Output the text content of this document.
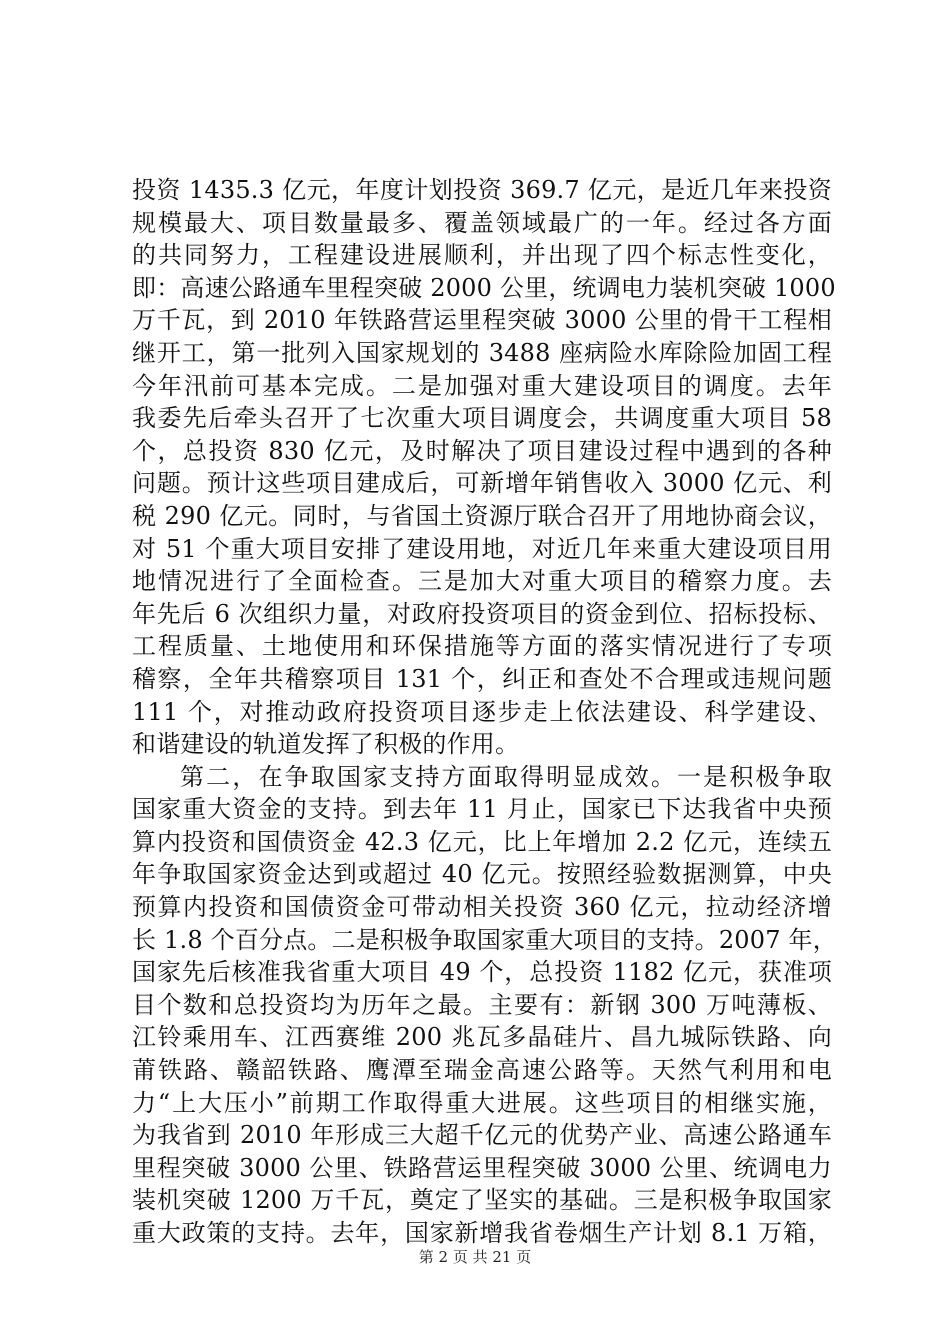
投资 1435.3 亿元，年度计划投资 369.7 亿元，是近几年来投资
规模最大、项目数量最多、覆盖领域最广的一年。经过各方面
的共同努力，工程建设进展顺利，并出现了四个标志性变化，
即：高速公路通车里程突破 2000 公里，统调电力装机突破 1000
万千瓦，到 2010 年铁路营运里程突破 3000 公里的骨干工程相
继开工，第一批列入国家规划的 3488 座病险水库除险加固工程
今年汛前可基本完成。二是加强对重大建设项目的调度。去年
我委先后牵头召开了七次重大项目调度会，共调度重大项目 58
个，总投资 830 亿元，及时解决了项目建设过程中遇到的各种
问题。预计这些项目建成后，可新增年销售收入 3000 亿元、利
税 290 亿元。同时，与省国土资源厅联合召开了用地协商会议，
对 51 个重大项目安排了建设用地，对近几年来重大建设项目用
地情况进行了全面检查。三是加大对重大项目的稽察力度。去
年先后 6 次组织力量，对政府投资项目的资金到位、招标投标、
工程质量、土地使用和环保措施等方面的落实情况进行了专项
稽察，全年共稽察项目 131 个，纠正和查处不合理或违规问题
111 个，对推动政府投资项目逐步走上依法建设、科学建设、
和谐建设的轨道发挥了积极的作用。
第二，在争取国家支持方面取得明显成效。一是积极争取
国家重大资金的支持。到去年 11 月止，国家已下达我省中央预
算内投资和国债资金 42.3 亿元，比上年增加 2.2 亿元，连续五
年争取国家资金达到或超过 40 亿元。按照经验数据测算，中央
预算内投资和国债资金可带动相关投资 360 亿元，拉动经济增
长 1.8 个百分点。二是积极争取国家重大项目的支持。2007 年，
国家先后核准我省重大项目 49 个，总投资 1182 亿元，获准项
目个数和总投资均为历年之最。主要有：新钢 300 万吨薄板、
江铃乘用车、江西赛维 200 兆瓦多晶硅片、昌九城际铁路、向
莆铁路、赣韶铁路、鹰潭至瑞金高速公路等。天然气利用和电
力“上大压小”前期工作取得重大进展。这些项目的相继实施，
为我省到 2010 年形成三大超千亿元的优势产业、高速公路通车
里程突破 3000 公里、铁路营运里程突破 3000 公里、统调电力
装机突破 1200 万千瓦，奠定了坚实的基础。三是积极争取国家
重大政策的支持。去年，国家新增我省卷烟生产计划 8.1 万箱，
第 2 页 共 21 页
